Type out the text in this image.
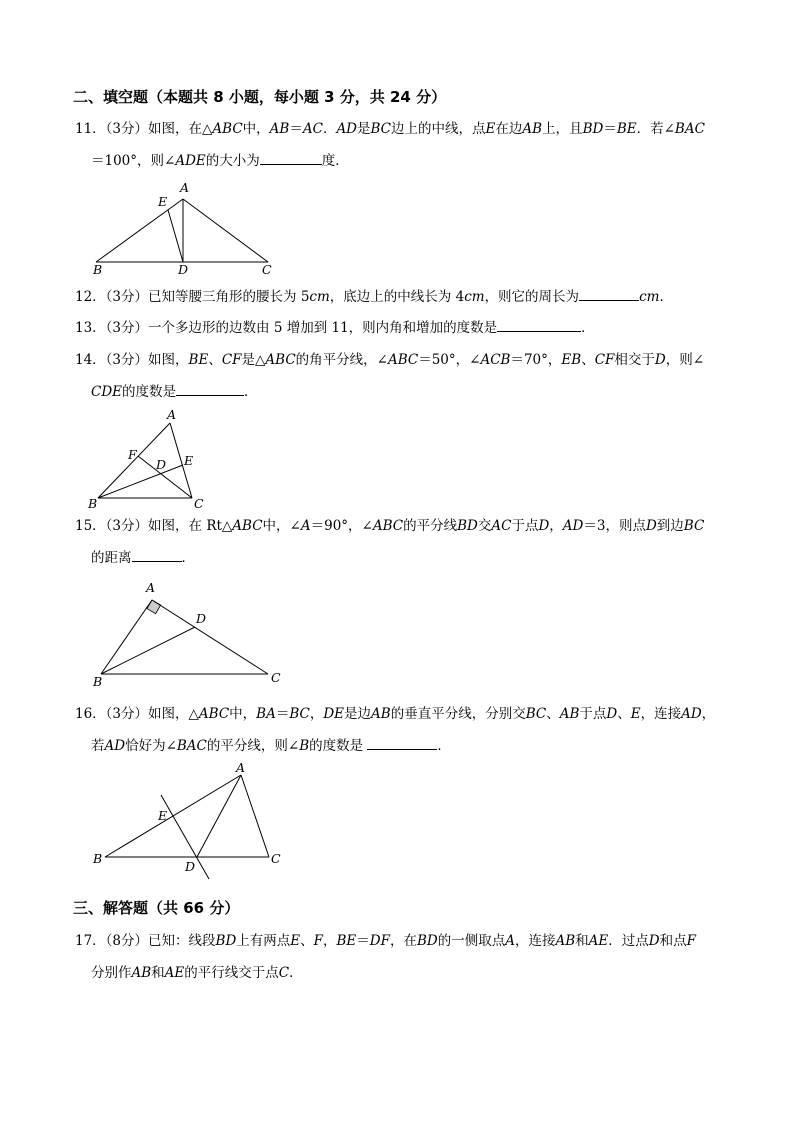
二、填空题（本题共 8 小题，每小题 3 分，共 24 分）
11．（3分）如图，在△ABC中，AB＝AC．AD是BC边上的中线，点E在边AB上，且BD＝BE．若∠BAC
＝100°，则∠ADE的大小为	度．
A
E
B	D	C
12．（3分）已知等腰三角形的腰长为 5cm，底边上的中线长为 4cm，则它的周长为	cm．
13．（3分）一个多边形的边数由 5 增加到 11，则内角和增加的度数是	．
14．（3分）如图，BE、CF是△ABC的角平分线，∠ABC＝50°，∠ACB＝70°，EB、CF相交于D，则∠
CDE的度数是	．
A
F
D E
B	C
15．（3分）如图，在 Rt△ABC中，∠A＝90°，∠ABC的平分线BD交AC于点D，AD＝3，则点D到边BC
的距离	．
A
D
B	C
16．（3分）如图，△ABC中，BA＝BC，DE是边AB的垂直平分线，分别交BC、AB于点D、E，连接AD，
若AD恰好为∠BAC的平分线，则∠B的度数是	．
A
E
B
D
C
三、解答题（共 66 分）
17．（8分）已知：线段BD上有两点E、F，BE＝DF，在BD的一侧取点A，连接AB和AE．过点D和点F
分别作AB和AE的平行线交于点C．
